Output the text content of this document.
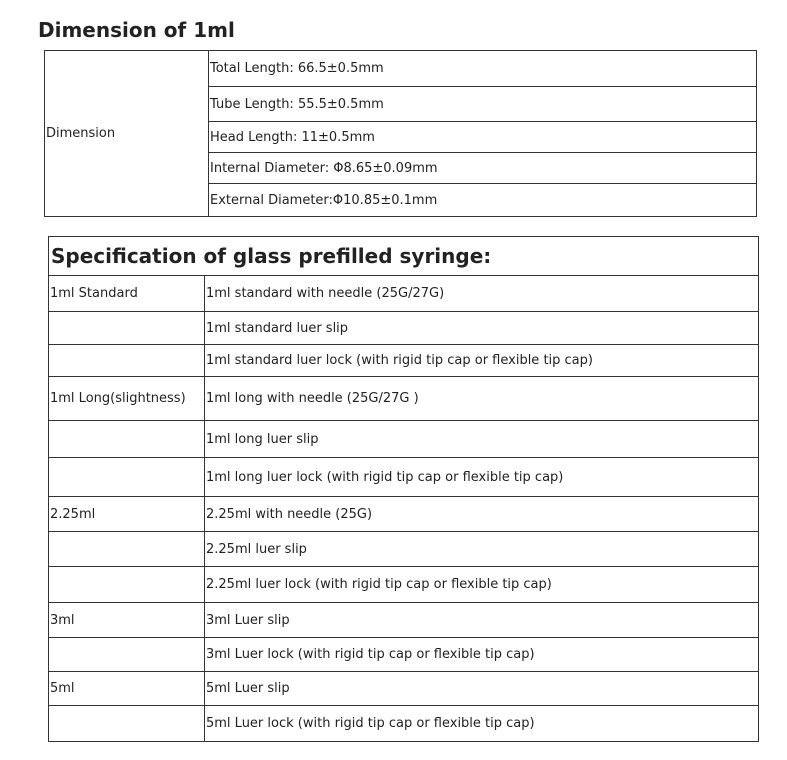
Dimension of 1ml
Dimension	Total Length: 66.5±0.5mm
Tube Length: 55.5±0.5mm
Head Length: 11±0.5mm
Internal Diameter: Φ8.65±0.09mm
External Diameter:Φ10.85±0.1mm
Specification of glass prefilled syringe:	
1ml Standard	1ml standard with needle (25G/27G)
	1ml standard luer slip
	1ml standard luer lock (with rigid tip cap or flexible tip cap)
1ml Long(slightness)	1ml long with needle (25G/27G )
	1ml long luer slip
	1ml long luer lock (with rigid tip cap or flexible tip cap)
2.25ml	2.25ml with needle (25G)
	2.25ml luer slip
	2.25ml luer lock (with rigid tip cap or flexible tip cap)
3ml	3ml Luer slip
	3ml Luer lock (with rigid tip cap or flexible tip cap)
5ml	5ml Luer slip
	5ml Luer lock (with rigid tip cap or flexible tip cap)
